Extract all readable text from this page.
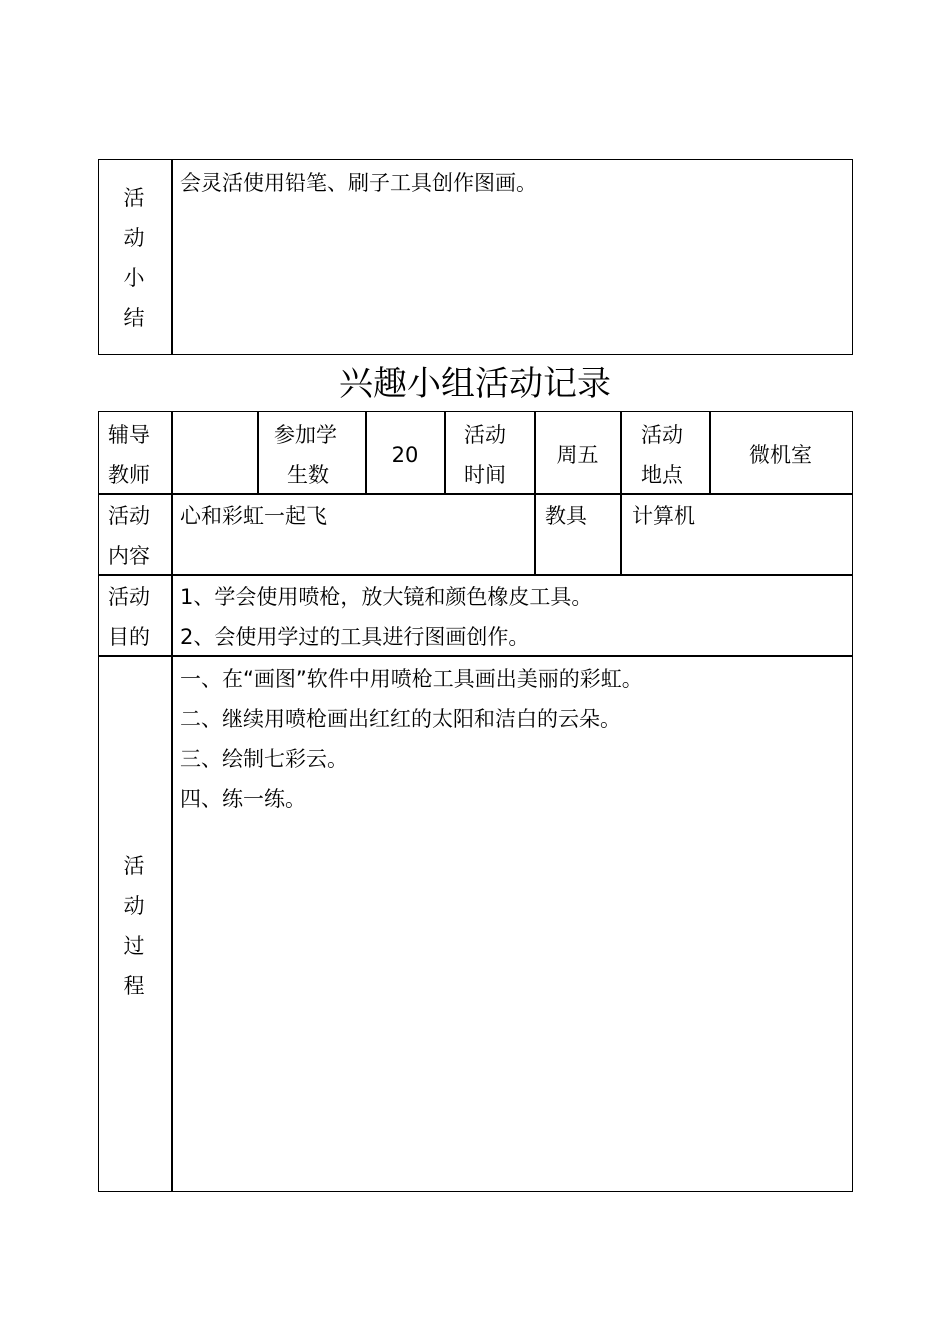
活动小结
会灵活使用铅笔、刷子工具创作图画。
兴趣小组活动记录
辅导
教师
参加学
生数
20
活动
时间
周五
活动
地点
微机室
活动
内容
心和彩虹一起飞	教具 计算机
活动
目的
1、学会使用喷枪，放大镜和颜色橡皮工具。
2、会使用学过的工具进行图画创作。
活动过程
一、在“画图”软件中用喷枪工具画出美丽的彩虹。
二、继续用喷枪画出红红的太阳和洁白的云朵。
三、绘制七彩云。
四、练一练。
